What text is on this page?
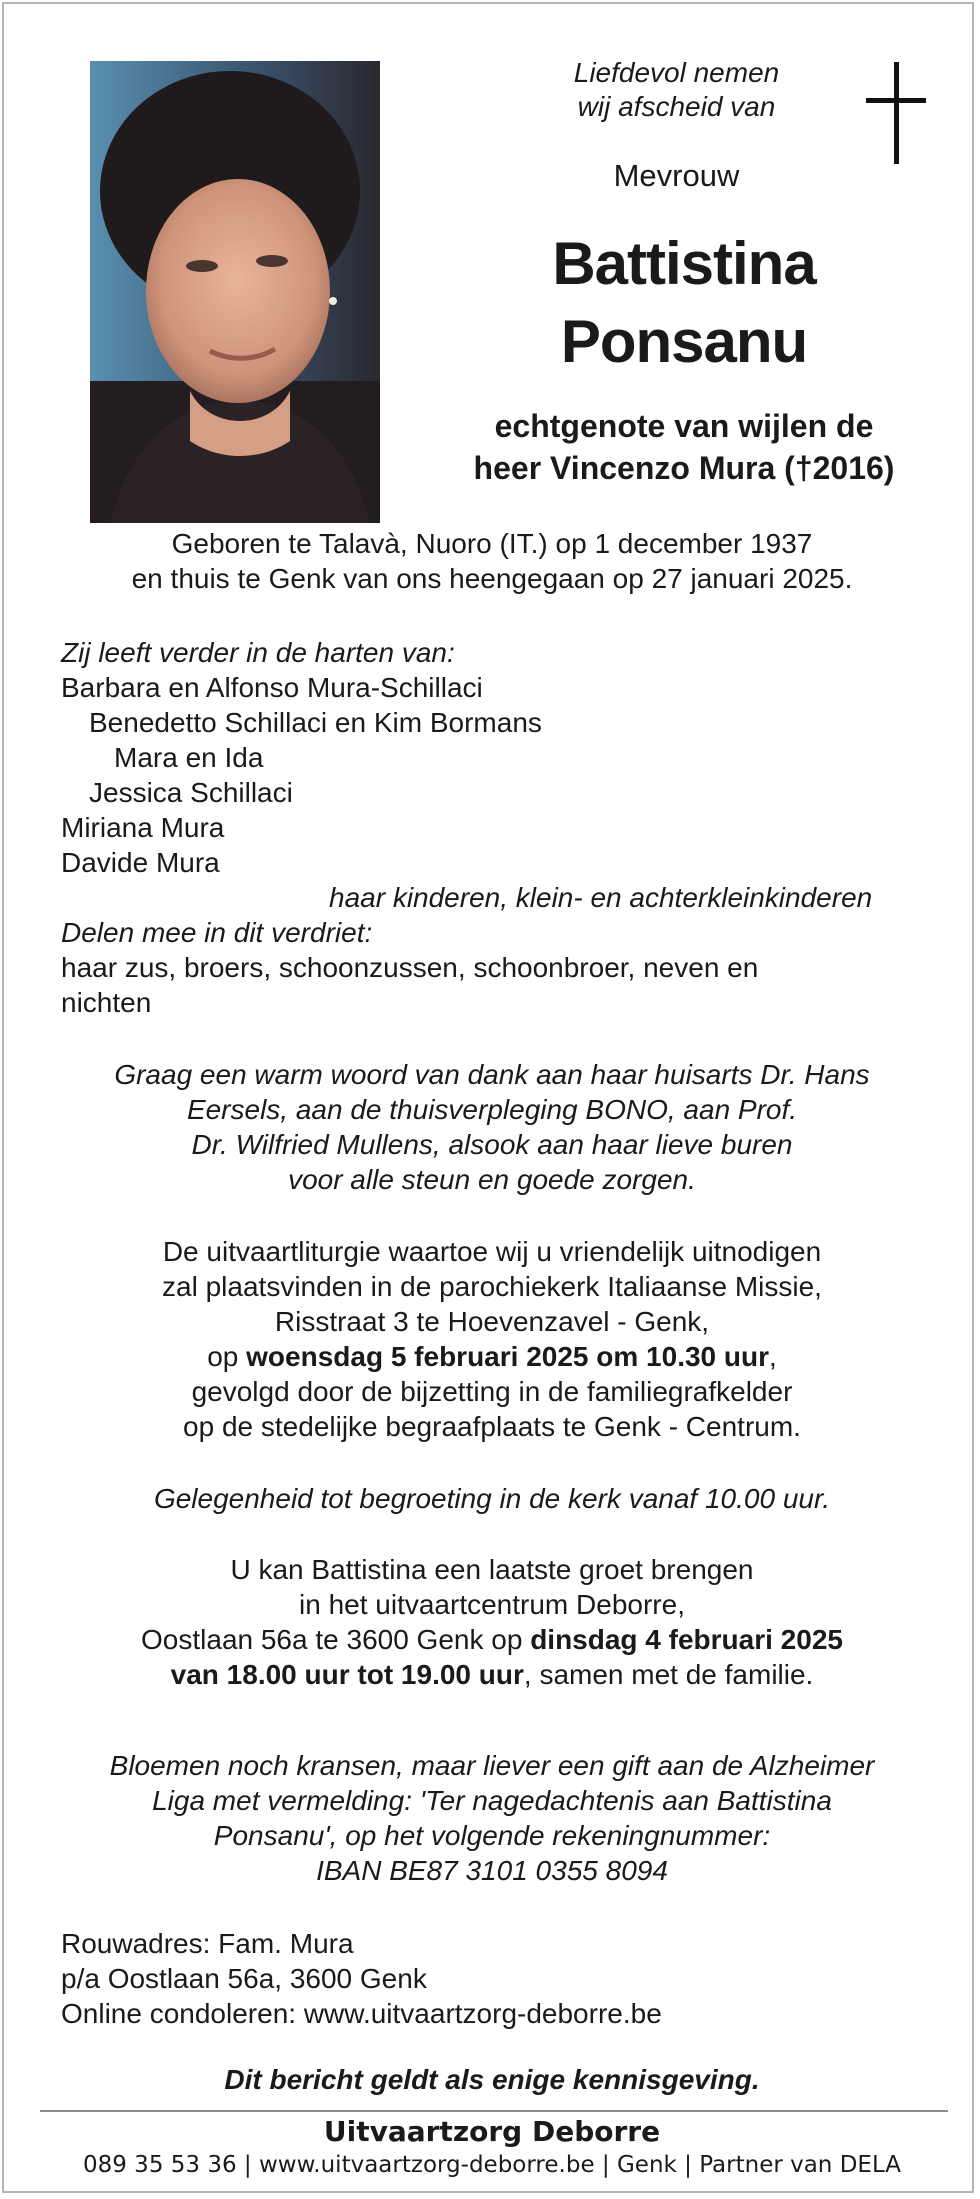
Liefdevol nemen
wij afscheid van
Mevrouw
Battistina
Ponsanu
echtgenote van wijlen de
heer Vincenzo Mura (†2016)
Geboren te Talavà, Nuoro (IT.) op 1 december 1937
en thuis te Genk van ons heengegaan op 27 januari 2025.
Zij leeft verder in de harten van:
Barbara en Alfonso Mura-Schillaci
Benedetto Schillaci en Kim Bormans
Mara en Ida
Jessica Schillaci
Miriana Mura
Davide Mura
haar kinderen, klein- en achterkleinkinderen
Delen mee in dit verdriet:
haar zus, broers, schoonzussen, schoonbroer, neven en
nichten
Graag een warm woord van dank aan haar huisarts Dr. Hans
Eersels, aan de thuisverpleging BONO, aan Prof.
Dr. Wilfried Mullens, alsook aan haar lieve buren
voor alle steun en goede zorgen.
De uitvaartliturgie waartoe wij u vriendelijk uitnodigen
zal plaatsvinden in de parochiekerk Italiaanse Missie,
Risstraat 3 te Hoevenzavel - Genk,
op woensdag 5 februari 2025 om 10.30 uur,
gevolgd door de bijzetting in de familiegrafkelder
op de stedelijke begraafplaats te Genk - Centrum.
Gelegenheid tot begroeting in de kerk vanaf 10.00 uur.
U kan Battistina een laatste groet brengen
in het uitvaartcentrum Deborre,
Oostlaan 56a te 3600 Genk op dinsdag 4 februari 2025
van 18.00 uur tot 19.00 uur, samen met de familie.
Bloemen noch kransen, maar liever een gift aan de Alzheimer
Liga met vermelding: 'Ter nagedachtenis aan Battistina
Ponsanu', op het volgende rekeningnummer:
IBAN BE87 3101 0355 8094
Rouwadres: Fam. Mura
p/a Oostlaan 56a, 3600 Genk
Online condoleren: www.uitvaartzorg-deborre.be
Dit bericht geldt als enige kennisgeving.
Uitvaartzorg Deborre
089 35 53 36 | www.uitvaartzorg-deborre.be | Genk | Partner van DELA
